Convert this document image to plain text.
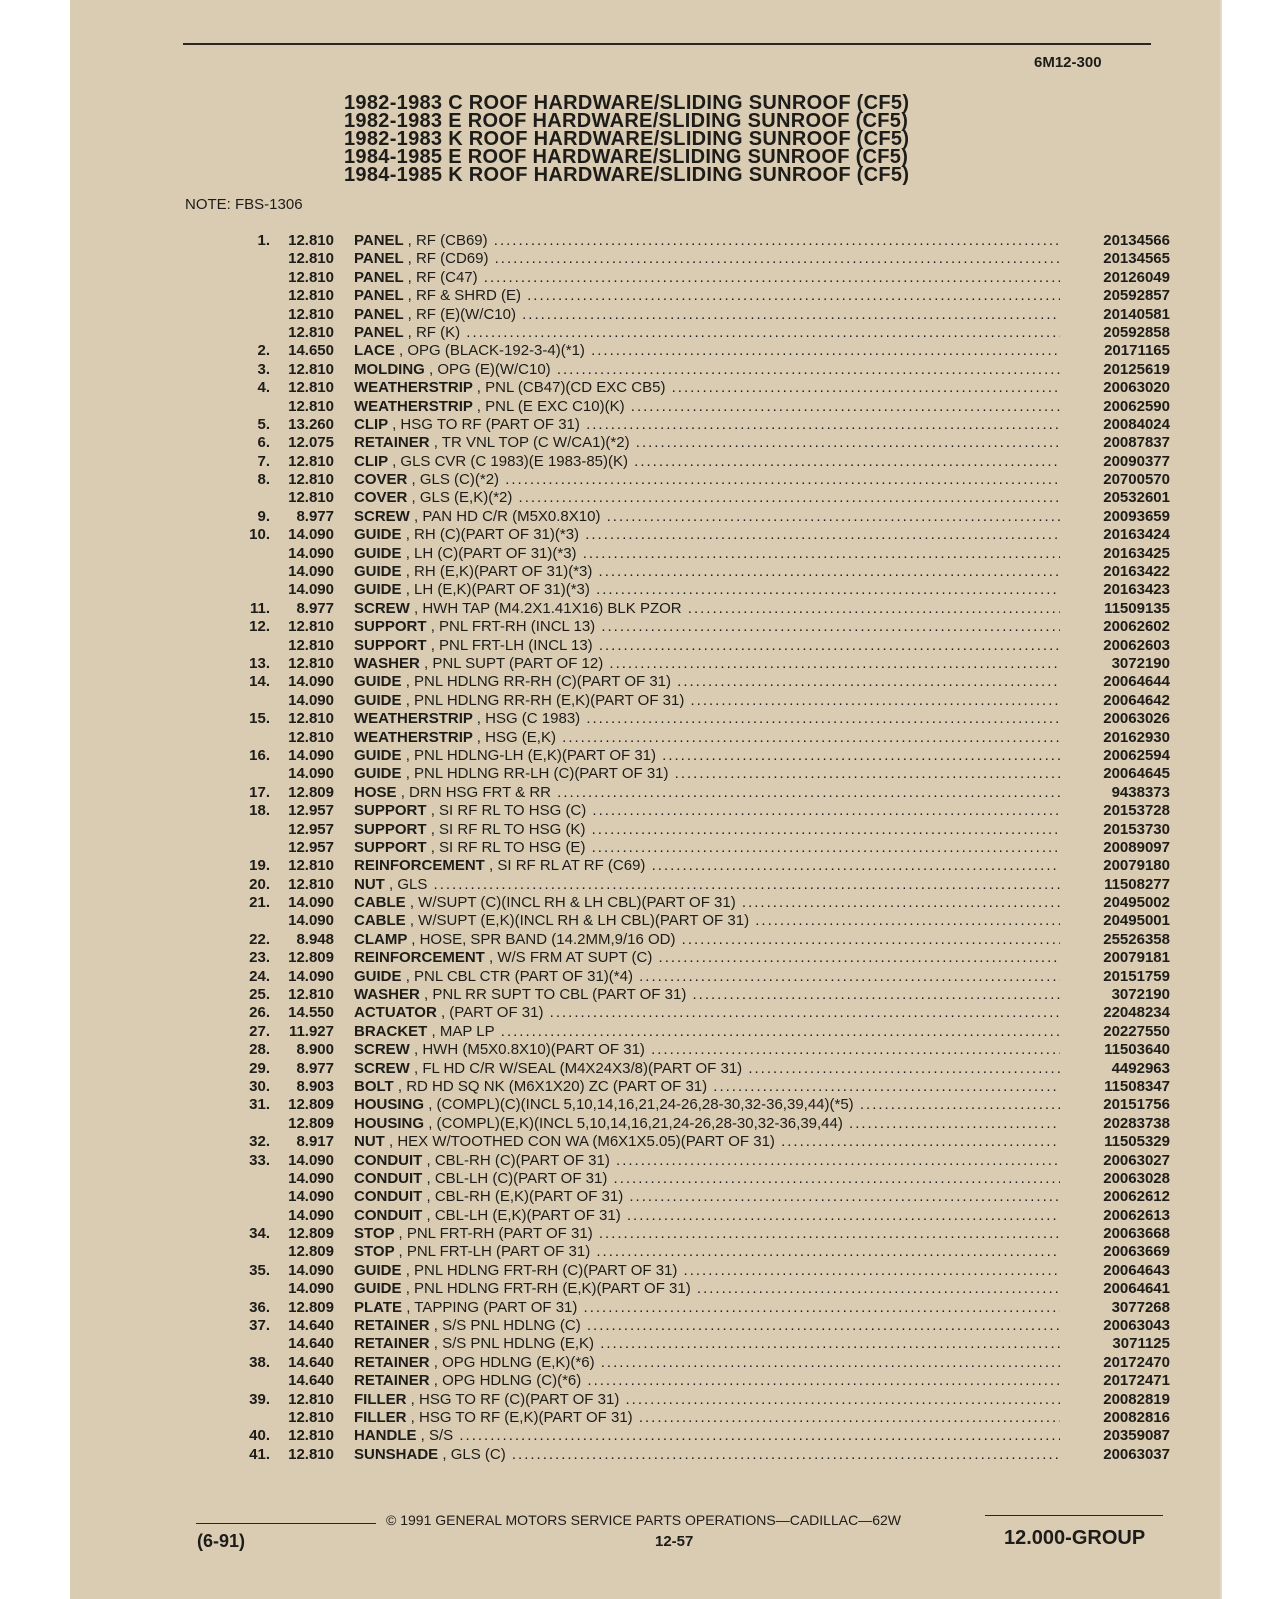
6M12-300
1982-1983 C ROOF HARDWARE/SLIDING SUNROOF (CF5)
1982-1983 E ROOF HARDWARE/SLIDING SUNROOF (CF5)
1982-1983 K ROOF HARDWARE/SLIDING SUNROOF (CF5)
1984-1985 E ROOF HARDWARE/SLIDING SUNROOF (CF5)
1984-1985 K ROOF HARDWARE/SLIDING SUNROOF (CF5)
NOTE: FBS-1306
1.	12.810 PANEL , RF (CB69) .....	20134566
12.810 PANEL , RF (CD69) .....	20134565
12.810 PANEL , RF (C47) .....	20126049
12.810 PANEL , RF & SHRD (E) .....	20592857
12.810 PANEL , RF (E)(W/C10) .....	20140581
12.810 PANEL , RF (K) .....	20592858
2.	14.650 LACE , OPG (BLACK-192-3-4)(*1) .....	20171165
3.	12.810 MOLDING , OPG (E)(W/C10) .....	20125619
4.	12.810 WEATHERSTRIP , PNL (CB47)(CD EXC CB5) .....	20063020
12.810 WEATHERSTRIP , PNL (E EXC C10)(K) .....	20062590
5.	13.260 CLIP , HSG TO RF (PART OF 31) .....	20084024
6.	12.075 RETAINER , TR VNL TOP (C W/CA1)(*2) .....	20087837
7.	12.810 CLIP , GLS CVR (C 1983)(E 1983-85)(K) .....	20090377
8.	12.810 COVER , GLS (C)(*2) .....	20700570
12.810 COVER , GLS (E,K)(*2) .....	20532601
9.	8.977 SCREW , PAN HD C/R (M5X0.8X10) .....	20093659
10.	14.090 GUIDE , RH (C)(PART OF 31)(*3) .....	20163424
14.090 GUIDE , LH (C)(PART OF 31)(*3) .....	20163425
14.090 GUIDE , RH (E,K)(PART OF 31)(*3) .....	20163422
14.090 GUIDE , LH (E,K)(PART OF 31)(*3) .....	20163423
11.	8.977 SCREW , HWH TAP (M4.2X1.41X16) BLK PZOR .....	11509135
12.	12.810 SUPPORT , PNL FRT-RH (INCL 13) .....	20062602
12.810 SUPPORT , PNL FRT-LH (INCL 13) .....	20062603
13.	12.810 WASHER , PNL SUPT (PART OF 12) .....	3072190
14.	14.090 GUIDE , PNL HDLNG RR-RH (C)(PART OF 31) .....	20064644
14.090 GUIDE , PNL HDLNG RR-RH (E,K)(PART OF 31) .....	20064642
15.	12.810 WEATHERSTRIP , HSG (C 1983) .....	20063026
12.810 WEATHERSTRIP , HSG (E,K) .....	20162930
16.	14.090 GUIDE , PNL HDLNG-LH (E,K)(PART OF 31) .....	20062594
14.090 GUIDE , PNL HDLNG RR-LH (C)(PART OF 31) .....	20064645
17.	12.809 HOSE , DRN HSG FRT & RR .....	9438373
18.	12.957 SUPPORT , SI RF RL TO HSG (C) .....	20153728
12.957 SUPPORT , SI RF RL TO HSG (K) .....	20153730
12.957 SUPPORT , SI RF RL TO HSG (E) .....	20089097
19.	12.810 REINFORCEMENT , SI RF RL AT RF (C69) .....	20079180
20.	12.810 NUT , GLS .....	11508277
21.	14.090 CABLE , W/SUPT (C)(INCL RH & LH CBL)(PART OF 31) .....	20495002
14.090 CABLE , W/SUPT (E,K)(INCL RH & LH CBL)(PART OF 31) .....	20495001
22.	8.948 CLAMP , HOSE, SPR BAND (14.2MM,9/16 OD) .....	25526358
23.	12.809 REINFORCEMENT , W/S FRM AT SUPT (C) .....	20079181
24.	14.090 GUIDE , PNL CBL CTR (PART OF 31)(*4) .....	20151759
25.	12.810 WASHER , PNL RR SUPT TO CBL (PART OF 31) .....	3072190
26.	14.550 ACTUATOR , (PART OF 31) .....	22048234
27.	11.927 BRACKET , MAP LP .....	20227550
28.	8.900 SCREW , HWH (M5X0.8X10)(PART OF 31) .....	11503640
29.	8.977 SCREW , FL HD C/R W/SEAL (M4X24X3/8)(PART OF 31) .....	4492963
30.	8.903 BOLT , RD HD SQ NK (M6X1X20) ZC (PART OF 31) .....	11508347
31.	12.809 HOUSING , (COMPL)(C)(INCL 5,10,14,16,21,24-26,28-30,32-36,39,44)(*5) .....	20151756
12.809 HOUSING , (COMPL)(E,K)(INCL 5,10,14,16,21,24-26,28-30,32-36,39,44) .....	20283738
32.	8.917 NUT , HEX W/TOOTHED CON WA (M6X1X5.05)(PART OF 31) .....	11505329
33.	14.090 CONDUIT , CBL-RH (C)(PART OF 31) .....	20063027
14.090 CONDUIT , CBL-LH (C)(PART OF 31) .....	20063028
14.090 CONDUIT , CBL-RH (E,K)(PART OF 31) .....	20062612
14.090 CONDUIT , CBL-LH (E,K)(PART OF 31) .....	20062613
34.	12.809 STOP , PNL FRT-RH (PART OF 31) .....	20063668
12.809 STOP , PNL FRT-LH (PART OF 31) .....	20063669
35.	14.090 GUIDE , PNL HDLNG FRT-RH (C)(PART OF 31) .....	20064643
14.090 GUIDE , PNL HDLNG FRT-RH (E,K)(PART OF 31) .....	20064641
36.	12.809 PLATE , TAPPING (PART OF 31) .....	3077268
37.	14.640 RETAINER , S/S PNL HDLNG (C) .....	20063043
14.640 RETAINER , S/S PNL HDLNG (E,K) .....	3071125
38.	14.640 RETAINER , OPG HDLNG (E,K)(*6) .....	20172470
14.640 RETAINER , OPG HDLNG (C)(*6) .....	20172471
39.	12.810 FILLER , HSG TO RF (C)(PART OF 31) .....	20082819
12.810 FILLER , HSG TO RF (E,K)(PART OF 31) .....	20082816
40.	12.810 HANDLE , S/S .....	20359087
41.	12.810 SUNSHADE , GLS (C) .....	20063037
© 1991 GENERAL MOTORS SERVICE PARTS OPERATIONS—CADILLAC—62W
(6-91)	12-57	12.000-GROUP
